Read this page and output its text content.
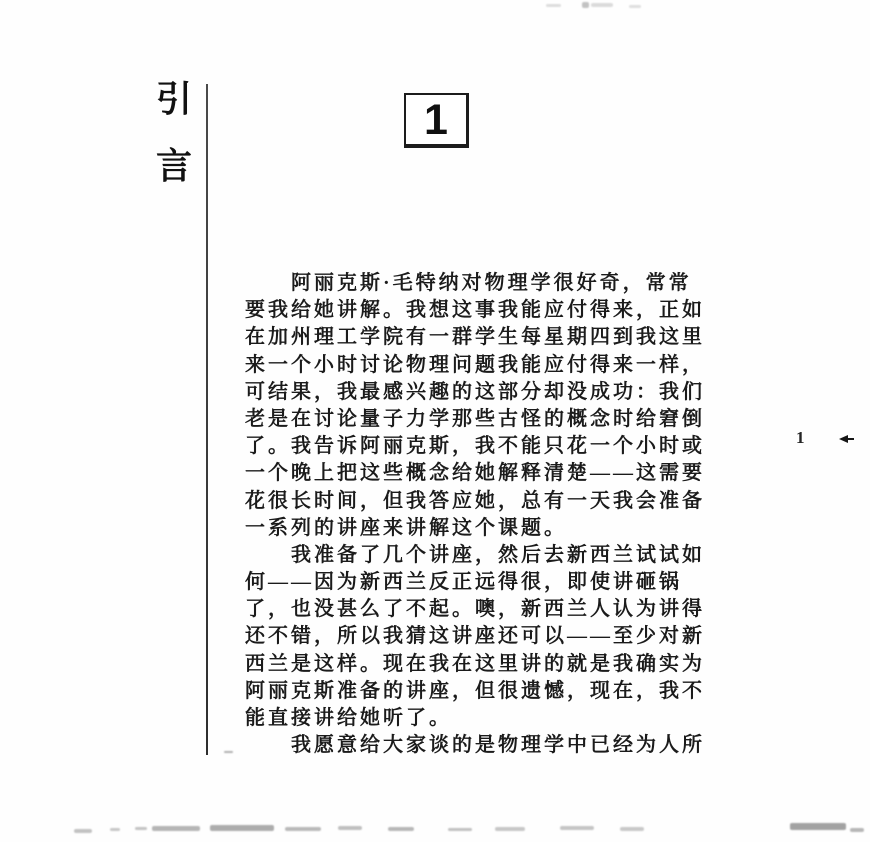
引
言
1
　　阿丽克斯·毛特纳对物理学很好奇，常常
要我给她讲解。我想这事我能应付得来，正如
在加州理工学院有一群学生每星期四到我这里
来一个小时讨论物理问题我能应付得来一样，
可结果，我最感兴趣的这部分却没成功：我们
老是在讨论量子力学那些古怪的概念时给窘倒
了。我告诉阿丽克斯，我不能只花一个小时或
一个晚上把这些概念给她解释清楚——这需要
花很长时间，但我答应她，总有一天我会准备
一系列的讲座来讲解这个课题。
　　我准备了几个讲座，然后去新西兰试试如
何——因为新西兰反正远得很，即使讲砸锅
了，也没甚么了不起。噢，新西兰人认为讲得
还不错，所以我猜这讲座还可以——至少对新
西兰是这样。现在我在这里讲的就是我确实为
阿丽克斯准备的讲座，但很遗憾，现在，我不
能直接讲给她听了。
　　我愿意给大家谈的是物理学中已经为人所
1
